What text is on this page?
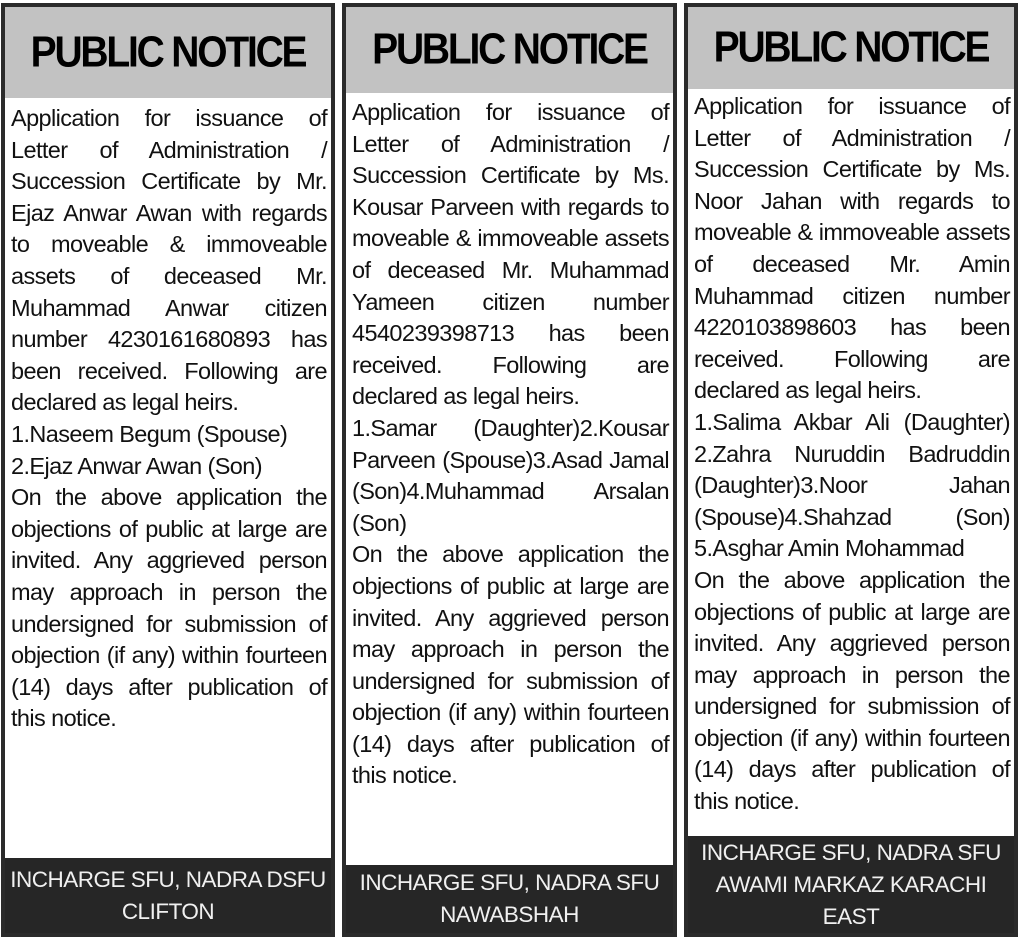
PUBLIC NOTICE

Application for issuance of Letter of Administration / Succession Certificate by Mr. Ejaz Anwar Awan with regards to moveable & immoveable assets of deceased Mr. Muhammad Anwar citizen number 4230161680893 has been received. Following are declared as legal heirs.

1.Naseem Begum (Spouse)

2.Ejaz Anwar Awan (Son)

On the above application the objections of public at large are invited. Any aggrieved person may approach in person the undersigned for submission of objection (if any) within fourteen (14) days after publication of this notice.

INCHARGE SFU, NADRA DSFU
CLIFTON
PUBLIC NOTICE

Application for issuance of Letter of Administration / Succession Certificate by Ms. Kousar Parveen with regards to moveable & immoveable assets of deceased Mr. Muhammad Yameen citizen number 4540239398713 has been received. Following are declared as legal heirs.

1.Samar (Daughter)2.Kousar Parveen (Spouse)3.Asad Jamal (Son)4.Muhammad Arsalan (Son)

On the above application the objections of public at large are invited. Any aggrieved person may approach in person the undersigned for submission of objection (if any) within fourteen (14) days after publication of this notice.

INCHARGE SFU, NADRA SFU
NAWABSHAH
PUBLIC NOTICE

Application for issuance of Letter of Administration / Succession Certificate by Ms. Noor Jahan with regards to moveable & immoveable assets of deceased Mr. Amin Muhammad citizen number 4220103898603 has been received. Following are declared as legal heirs.

1.Salima Akbar Ali (Daughter) 2.Zahra Nuruddin Badruddin (Daughter)3.Noor Jahan (Spouse)4.Shahzad (Son) 5.Asghar Amin Mohammad

On the above application the objections of public at large are invited. Any aggrieved person may approach in person the undersigned for submission of objection (if any) within fourteen (14) days after publication of this notice.

INCHARGE SFU, NADRA SFU
AWAMI MARKAZ KARACHI
EAST
